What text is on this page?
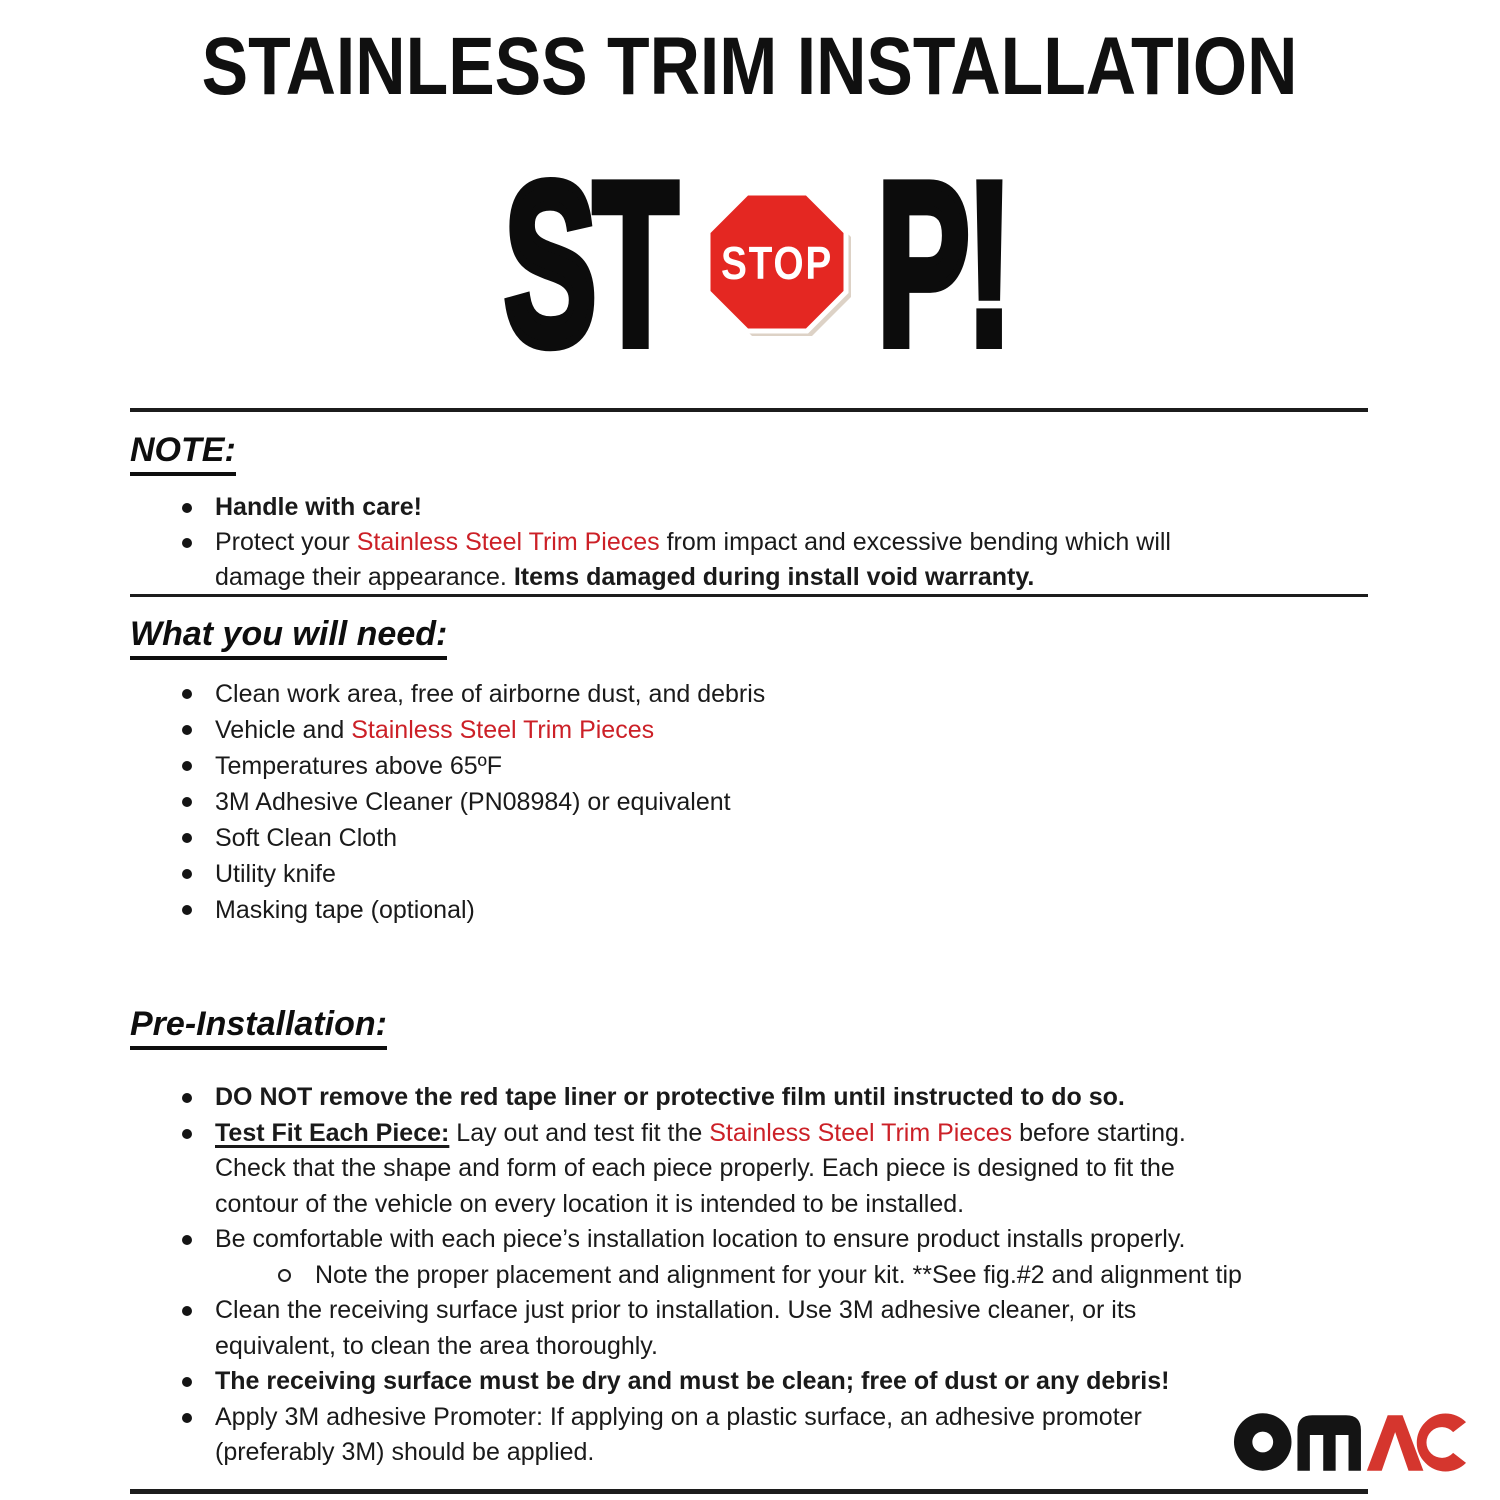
STAINLESS TRIM INSTALLATION
ST STOP P!
NOTE:
Handle with care!
Protect your Stainless Steel Trim Pieces from impact and excessive bending which will
damage their appearance. Items damaged during install void warranty.
What you will need:
Clean work area, free of airborne dust, and debris
Vehicle and Stainless Steel Trim Pieces
Temperatures above 65ºF
3M Adhesive Cleaner (PN08984) or equivalent
Soft Clean Cloth
Utility knife
Masking tape (optional)
Pre-Installation:
DO NOT remove the red tape liner or protective film until instructed to do so.
Test Fit Each Piece: Lay out and test fit the Stainless Steel Trim Pieces before starting.
Check that the shape and form of each piece properly. Each piece is designed to fit the
contour of the vehicle on every location it is intended to be installed.
Be comfortable with each piece’s installation location to ensure product installs properly.
Note the proper placement and alignment for your kit. **See fig.#2 and alignment tip
Clean the receiving surface just prior to installation. Use 3M adhesive cleaner, or its
equivalent, to clean the area thoroughly.
The receiving surface must be dry and must be clean; free of dust or any debris!
Apply 3M adhesive Promoter: If applying on a plastic surface, an adhesive promoter
(preferably 3M) should be applied.
